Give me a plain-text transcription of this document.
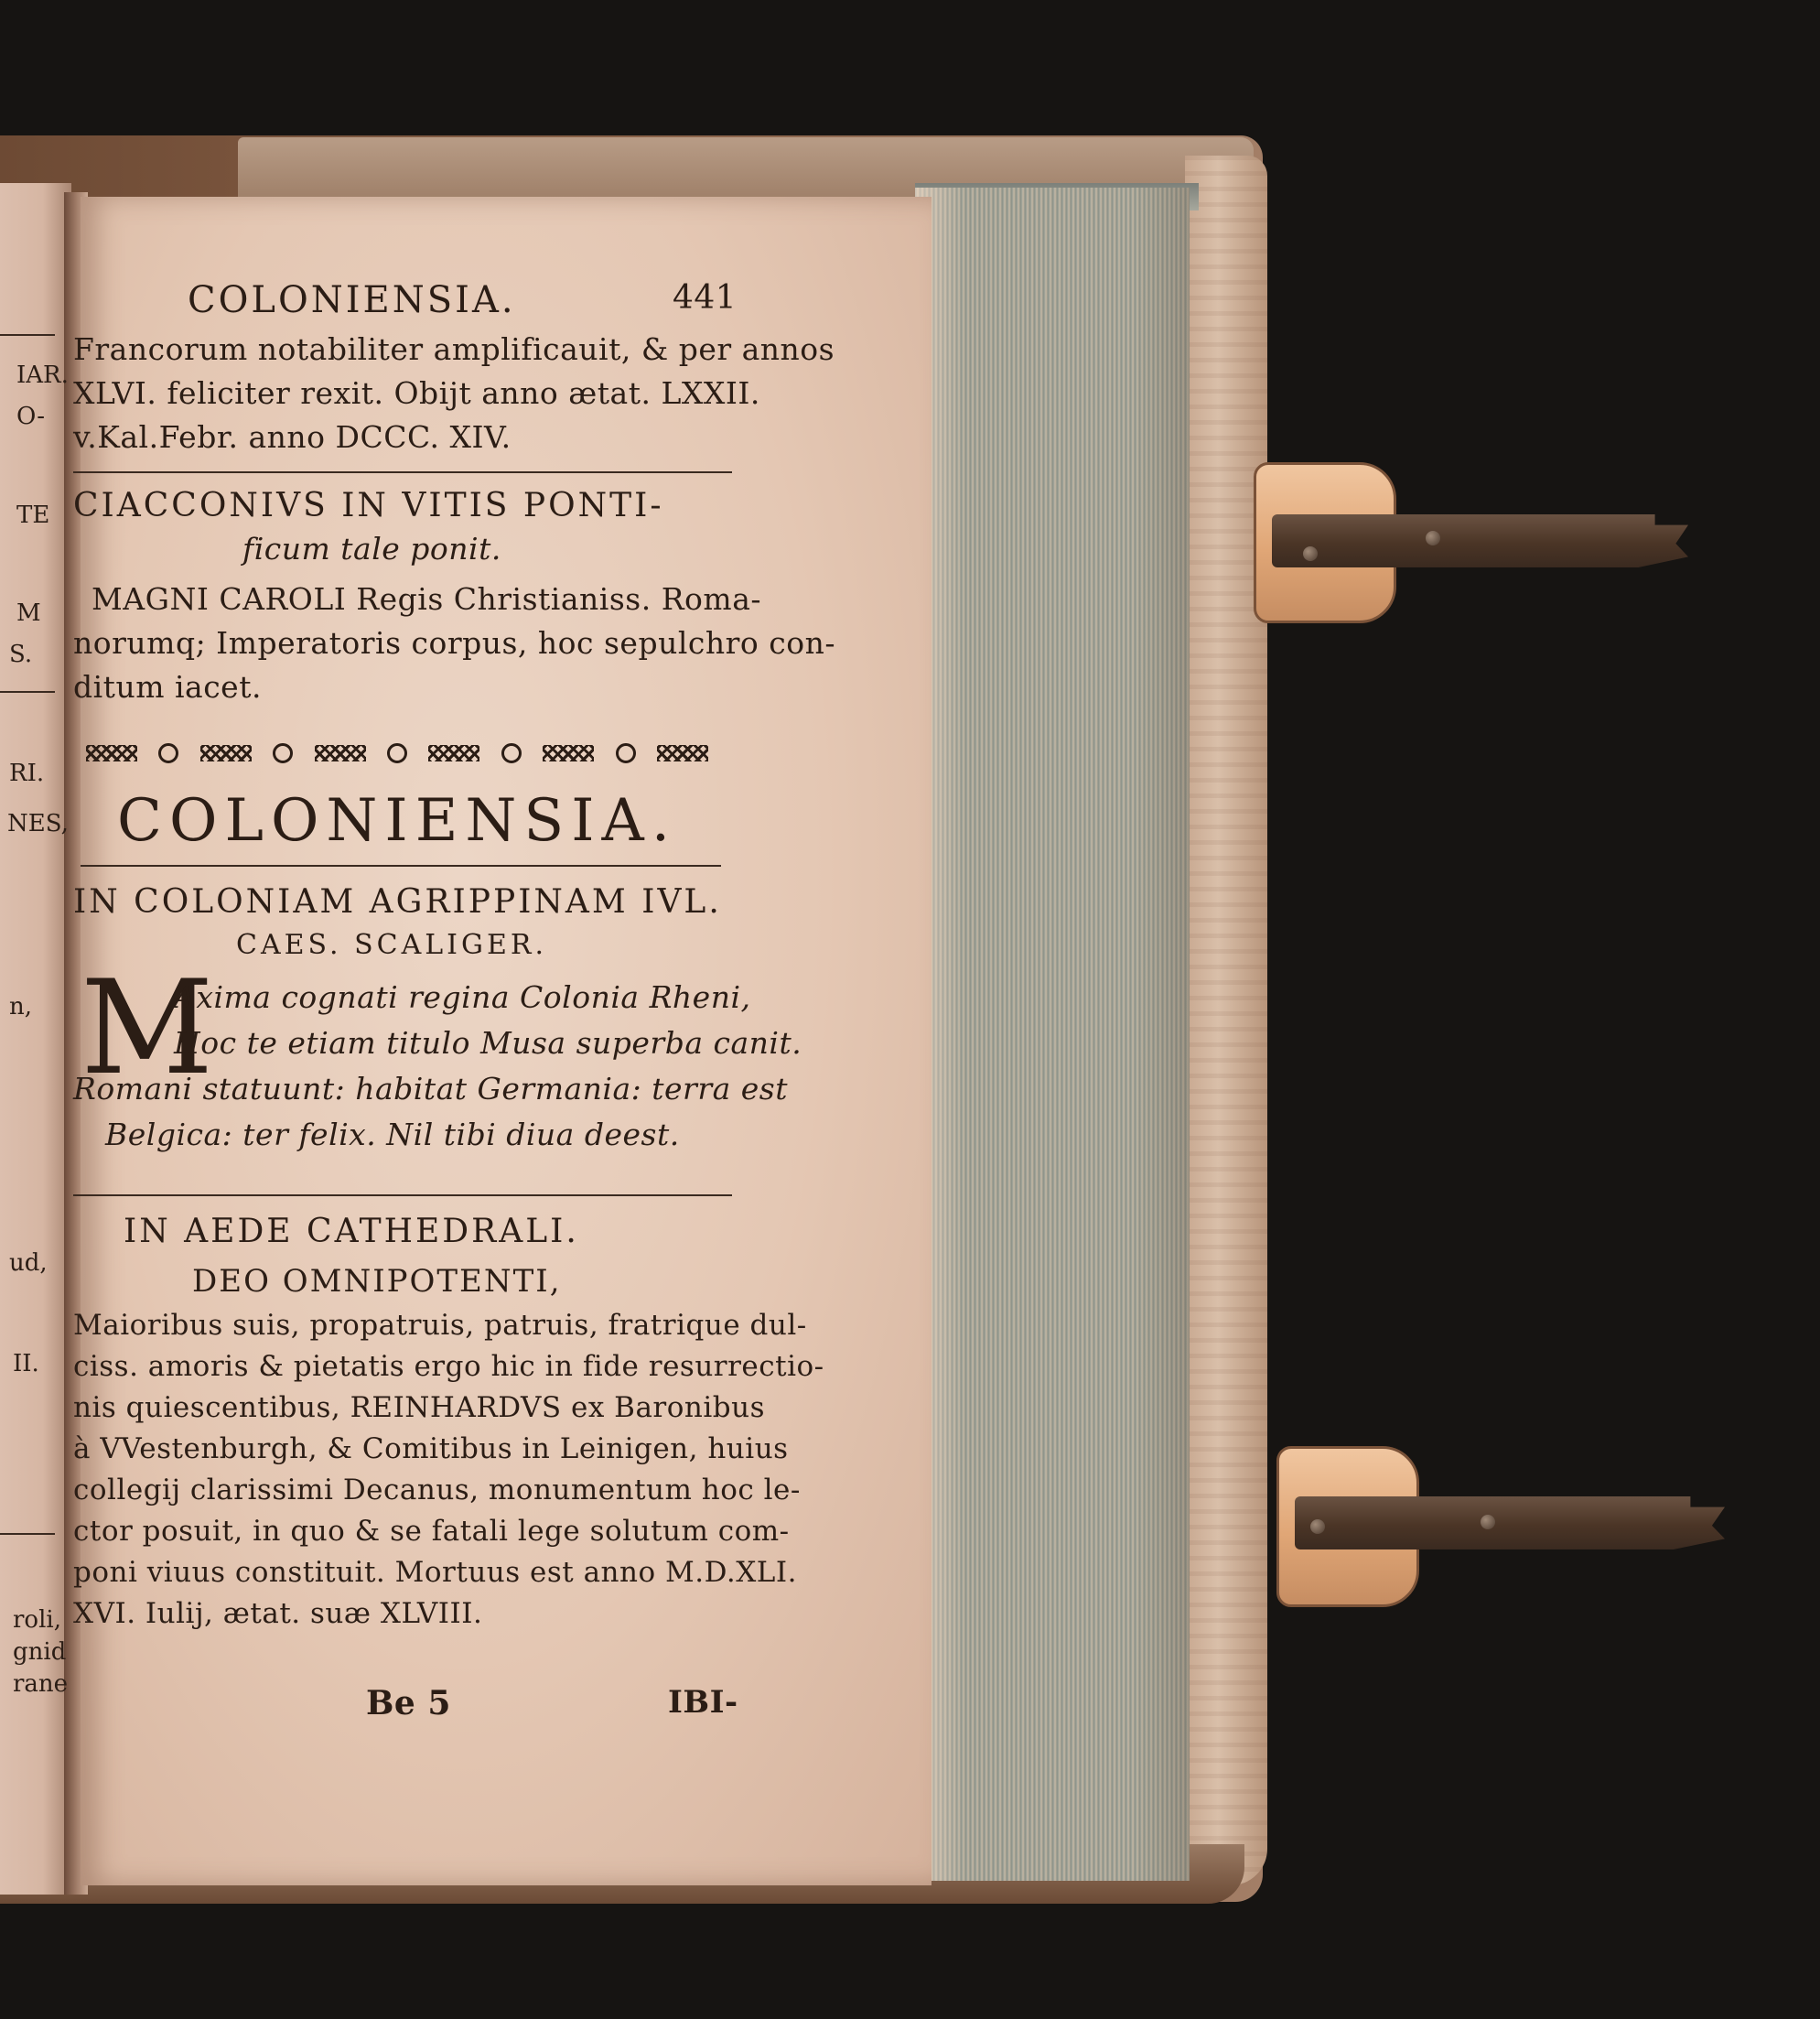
IAR.
O-
TE
M
S.
RI.
NES,
n,
ud,
II.
roli,
gnid
rane
COLONIENSIA.	441
Francorum notabiliter amplificauit, & per annos
XLVI. feliciter rexit. Obijt anno ætat. LXXII.
v.Kal.Febr. anno DCCC. XIV.
CIACCONIVS IN VITIS PONTI-
ficum tale ponit.
MAGNI CAROLI Regis Christianiss. Roma-
norumq; Imperatoris corpus, hoc sepulchro con-
ditum iacet.
COLONIENSIA.
IN COLONIAM AGRIPPINAM IVL.
CAES. SCALIGER.
M
Axima cognati regina Colonia Rheni,
Hoc te etiam titulo Musa superba canit.
Romani statuunt: habitat Germania: terra est
Belgica: ter felix. Nil tibi diua deest.
IN AEDE CATHEDRALI.
DEO OMNIPOTENTI,
Maioribus suis, propatruis, patruis, fratrique dul-
ciss. amoris & pietatis ergo hic in fide resurrectio-
nis quiescentibus, REINHARDVS ex Baronibus
à VVestenburgh, & Comitibus in Leinigen, huius
collegij clarissimi Decanus, monumentum hoc le-
ctor posuit, in quo & se fatali lege solutum com-
poni viuus constituit. Mortuus est anno M.D.XLI.
XVI. Iulij, ætat. suæ XLVIII.
Be 5	IBI-
